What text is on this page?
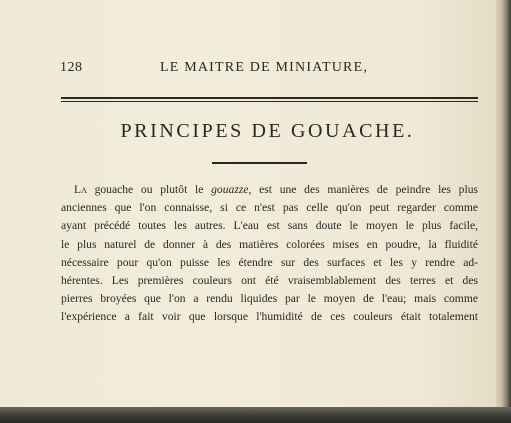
128	LE MAITRE DE MINIATURE,
PRINCIPES DE GOUACHE.
La gouache ou plutôt le gouazze, est une des manières de peindre les plus
anciennes que l'on connaisse, si ce n'est pas celle qu'on peut regarder comme
ayant précédé toutes les autres. L'eau est sans doute le moyen le plus facile,
le plus naturel de donner à des matières colorées mises en poudre, la fluidité
nécessaire pour qu'on puisse les étendre sur des surfaces et les y rendre ad-
hérentes. Les premières couleurs ont été vraisemblablement des terres et des
pierres broyées que l'on a rendu liquides par le moyen de l'eau; mais comme
l'expérience a fait voir que lorsque l'humidité de ces couleurs était totalement
